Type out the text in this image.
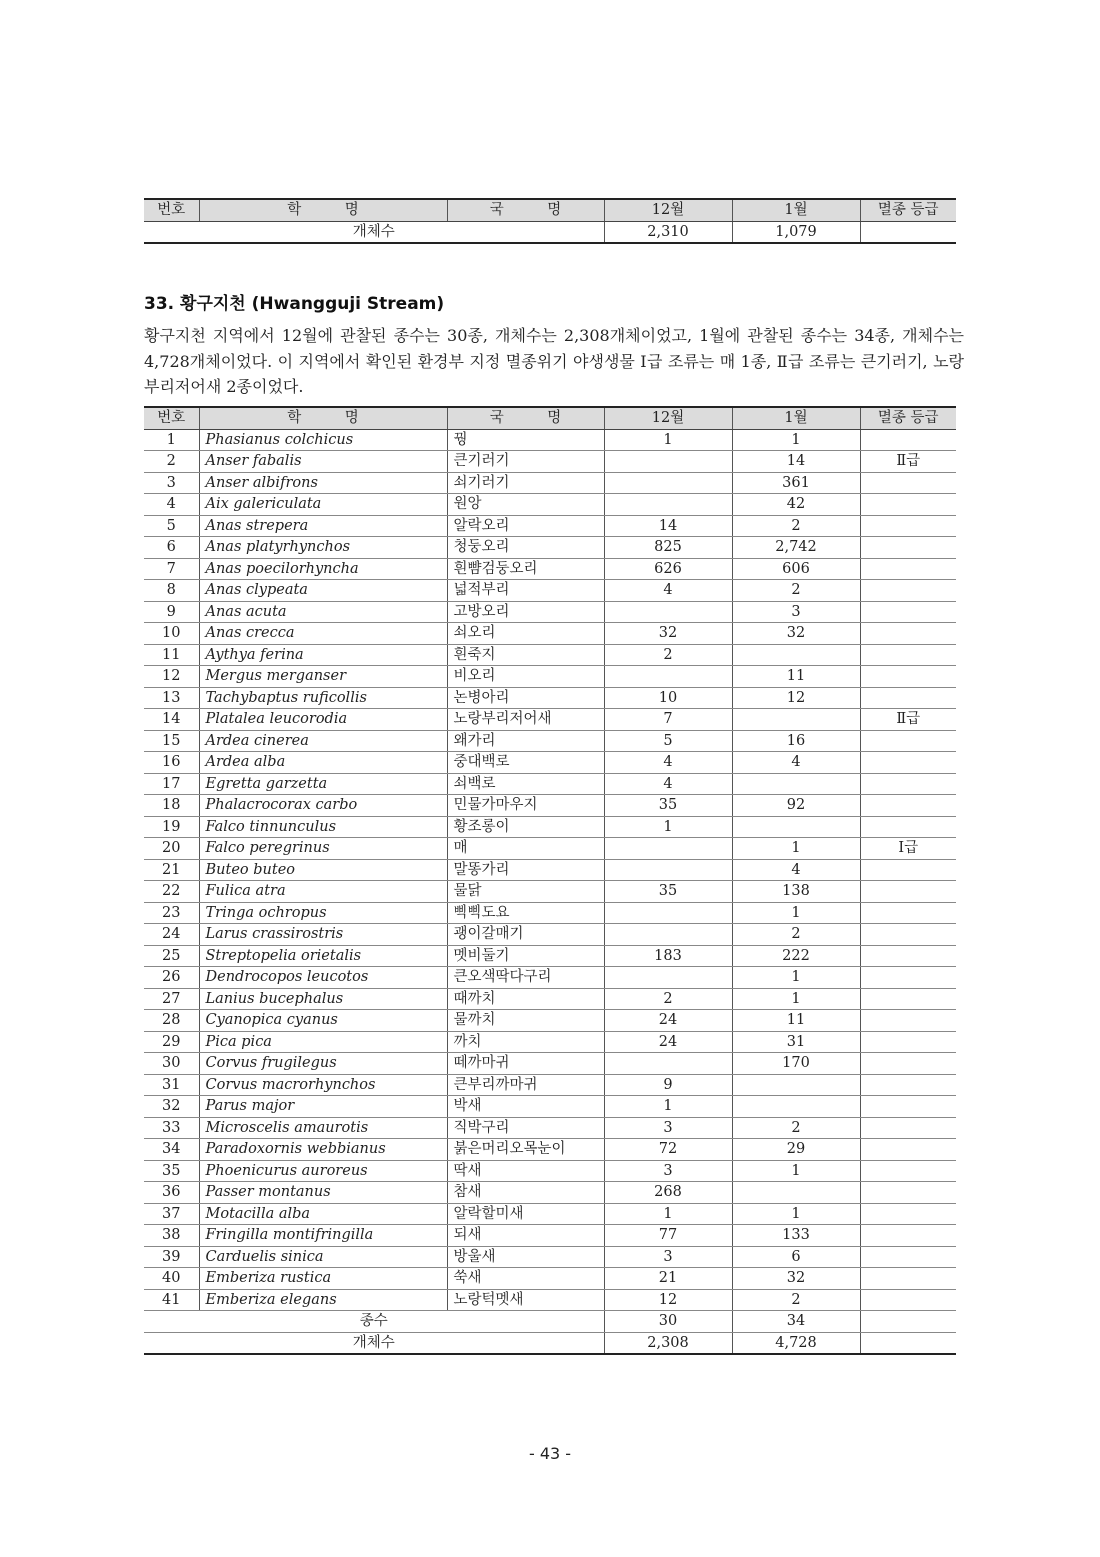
번호	학　　　명	국　　　명	12월	1월	멸종 등급
개체수			2,310	1,079	
33. 황구지천 (Hwangguji Stream)

황구지천 지역에서 12월에 관찰된 종수는 30종, 개체수는 2,308개체이었고, 1월에 관찰된 종수는 34종, 개체수는 4,728개체이었다. 이 지역에서 확인된 환경부 지정 멸종위기 야생생물 Ⅰ급 조류는 매 1종, Ⅱ급 조류는 큰기러기, 노랑부리저어새 2종이었다.

번호	학　　　명	국　　　명	12월	1월	멸종 등급
1	Phasianus colchicus	꿩	1	1	
2	Anser fabalis	큰기러기		14	Ⅱ급
3	Anser albifrons	쇠기러기		361	
4	Aix galericulata	원앙		42	
5	Anas strepera	알락오리	14	2	
6	Anas platyrhynchos	청둥오리	825	2,742	
7	Anas poecilorhyncha	흰뺨검둥오리	626	606	
8	Anas clypeata	넓적부리	4	2	
9	Anas acuta	고방오리		3	
10	Anas crecca	쇠오리	32	32	
11	Aythya ferina	흰죽지	2		
12	Mergus merganser	비오리		11	
13	Tachybaptus ruficollis	논병아리	10	12	
14	Platalea leucorodia	노랑부리저어새	7		Ⅱ급
15	Ardea cinerea	왜가리	5	16	
16	Ardea alba	중대백로	4	4	
17	Egretta garzetta	쇠백로	4		
18	Phalacrocorax carbo	민물가마우지	35	92	
19	Falco tinnunculus	황조롱이	1		
20	Falco peregrinus	매		1	Ⅰ급
21	Buteo buteo	말똥가리		4	
22	Fulica atra	물닭	35	138	
23	Tringa ochropus	삑삑도요		1	
24	Larus crassirostris	괭이갈매기		2	
25	Streptopelia orietalis	멧비둘기	183	222	
26	Dendrocopos leucotos	큰오색딱다구리		1	
27	Lanius bucephalus	때까치	2	1	
28	Cyanopica cyanus	물까치	24	11	
29	Pica pica	까치	24	31	
30	Corvus frugilegus	떼까마귀		170	
31	Corvus macrorhynchos	큰부리까마귀	9		
32	Parus major	박새	1		
33	Microscelis amaurotis	직박구리	3	2	
34	Paradoxornis webbianus	붉은머리오목눈이	72	29	
35	Phoenicurus auroreus	딱새	3	1	
36	Passer montanus	참새	268		
37	Motacilla alba	알락할미새	1	1	
38	Fringilla montifringilla	되새	77	133	
39	Carduelis sinica	방울새	3	6	
40	Emberiza rustica	쑥새	21	32	
41	Emberiza elegans	노랑턱멧새	12	2	
종수			30	34	
개체수			2,308	4,728	
- 43 -
